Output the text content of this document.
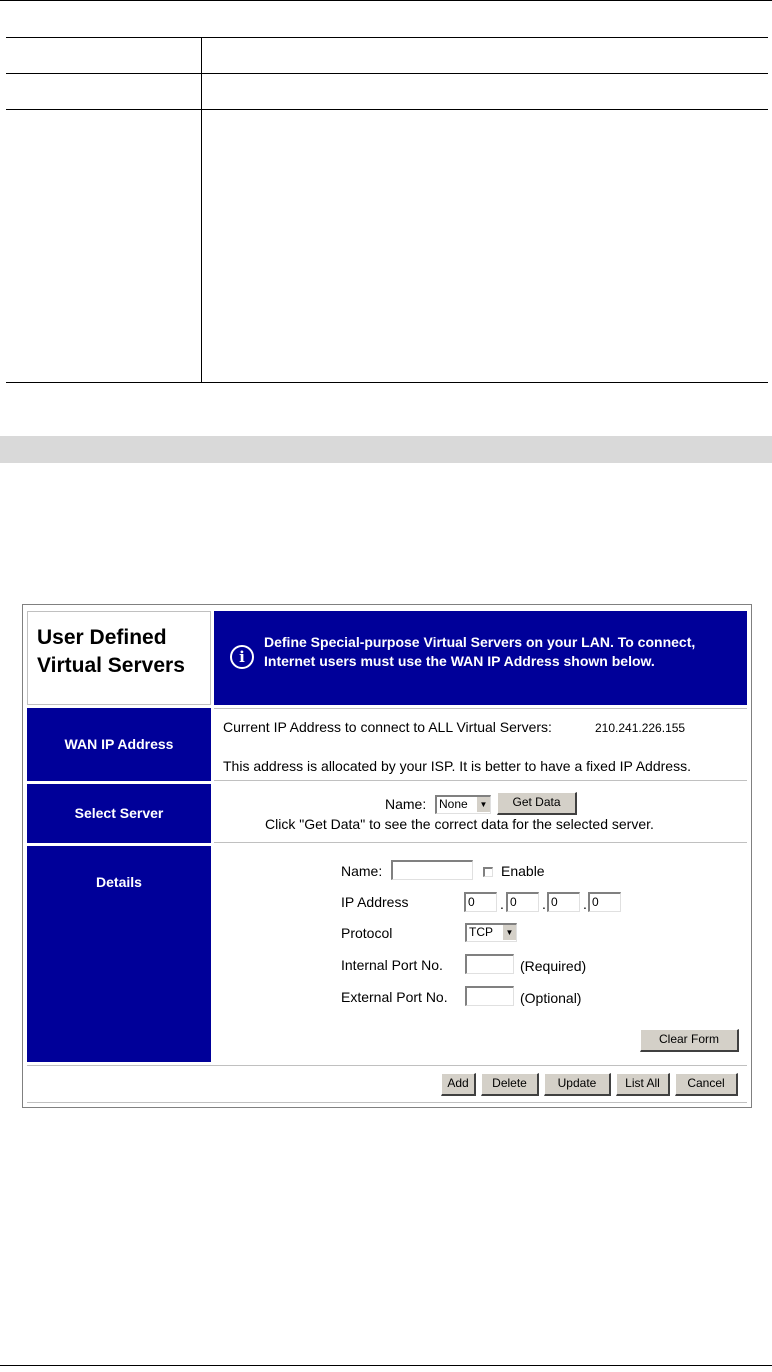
User Defined
Virtual Servers	i
Define Special-purpose Virtual Servers on your LAN. To connect, Internet users must use the WAN IP Address shown below.
WAN IP Address
Current IP Address to connect to ALL Virtual Servers:	210.241.226.155
This address is allocated by your ISP. It is better to have a fixed IP Address.
Select Server
Name:	None	▼	Get Data
Click "Get Data" to see the correct data for the selected server.
Details
Name:	Enable
IP Address	0	. 0	. 0	. 0
Protocol	TCP	▼
Internal Port No.	(Required)
External Port No.	(Optional)
Clear Form
Add	Delete	Update	List All	Cancel
